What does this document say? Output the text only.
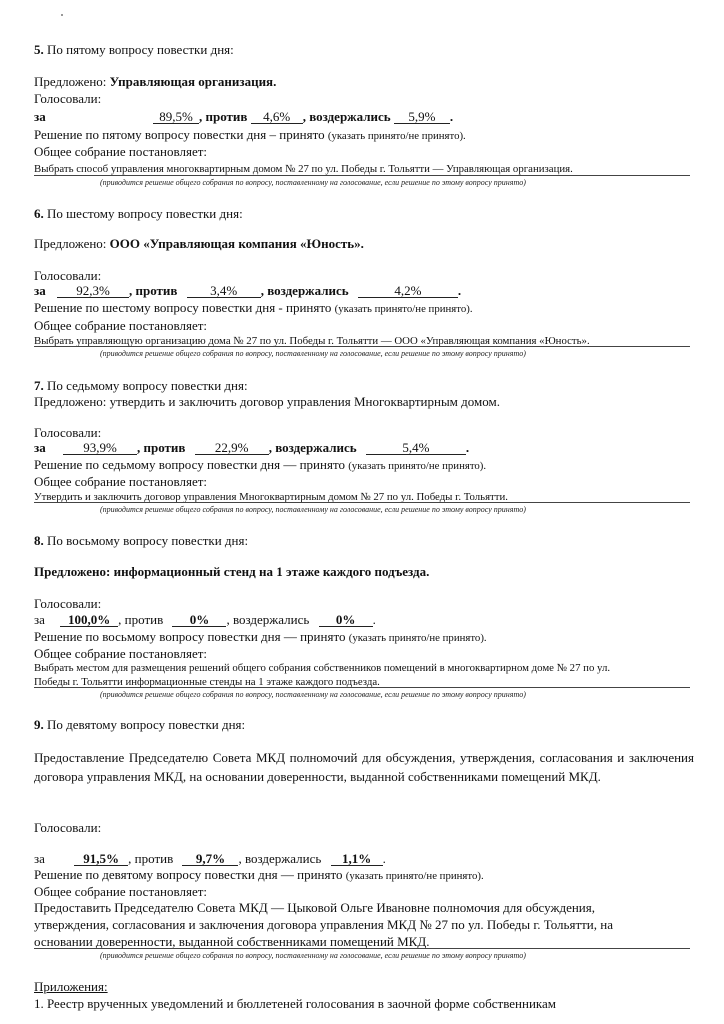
5. По пятому вопросу повестки дня:
Предложено: Управляющая организация.
Голосовали:
за	89,5% , против 4,6% , воздержались 5,9% .
Решение по пятому вопросу повестки дня – принято (указать принято/не принято).
Общее собрание постановляет:
Выбрать способ управления многоквартирным домом № 27 по ул. Победы г. Тольятти — Управляющая организация.
(приводится решение общего собрания по вопросу, поставленному на голосование, если решение по этому вопросу принято)
6. По шестому вопросу повестки дня:
Предложено: ООО «Управляющая компания «Юность».
Голосовали:
за 92,3% , против	3,4% , воздержались	4,2%	.
Решение по шестому вопросу повестки дня - принято (указать принято/не принято).
Общее собрание постановляет:
Выбрать управляющую организацию дома № 27 по ул. Победы г. Тольятти — ООО «Управляющая компания «Юность».
(приводится решение общего собрания по вопросу, поставленному на голосование, если решение по этому вопросу принято)
7. По седьмому вопросу повестки дня:
Предложено: утвердить и заключить договор управления Многоквартирным домом.
Голосовали:
за	93,9% , против 22,9% , воздержались	5,4%	.
Решение по седьмому вопросу повестки дня — принято (указать принято/не принято).
Общее собрание постановляет:
Утвердить и заключить договор управления Многоквартирным домом № 27 по ул. Победы г. Тольятти.
(приводится решение общего собрания по вопросу, поставленному на голосование, если решение по этому вопросу принято)
8. По восьмому вопросу повестки дня:
Предложено: информационный стенд на 1 этаже каждого подъезда.
Голосовали:
за 100,0% , против 0% , воздержались 0% .
Решение по восьмому вопросу повестки дня — принято (указать принято/не принято).
Общее собрание постановляет:
Выбрать местом для размещения решений общего собрания собственников помещений в многоквартирном доме № 27 по ул.
Победы г. Тольятти информационные стенды на 1 этаже каждого подъезда.
(приводится решение общего собрания по вопросу, поставленному на голосование, если решение по этому вопросу принято)
9. По девятому вопросу повестки дня:
Предоставление Председателю Совета МКД полномочий для обсуждения, утверждения, согласования и заключения договора управления МКД, на основании доверенности, выданной собственниками помещений МКД.
Голосовали:
за	91,5% , против 9,7% , воздержались 1,1% .
Решение по девятому вопросу повестки дня — принято (указать принято/не принято).
Общее собрание постановляет:
Предоставить Председателю Совета МКД — Цыковой Ольге Ивановне полномочия для обсуждения,
утверждения, согласования и заключения договора управления МКД № 27 по ул. Победы г. Тольятти, на
основании доверенности, выданной собственниками помещений МКД.
(приводится решение общего собрания по вопросу, поставленному на голосование, если решение по этому вопросу принято)
Приложения:
1. Реестр врученных уведомлений и бюллетеней голосования в заочной форме собственникам
